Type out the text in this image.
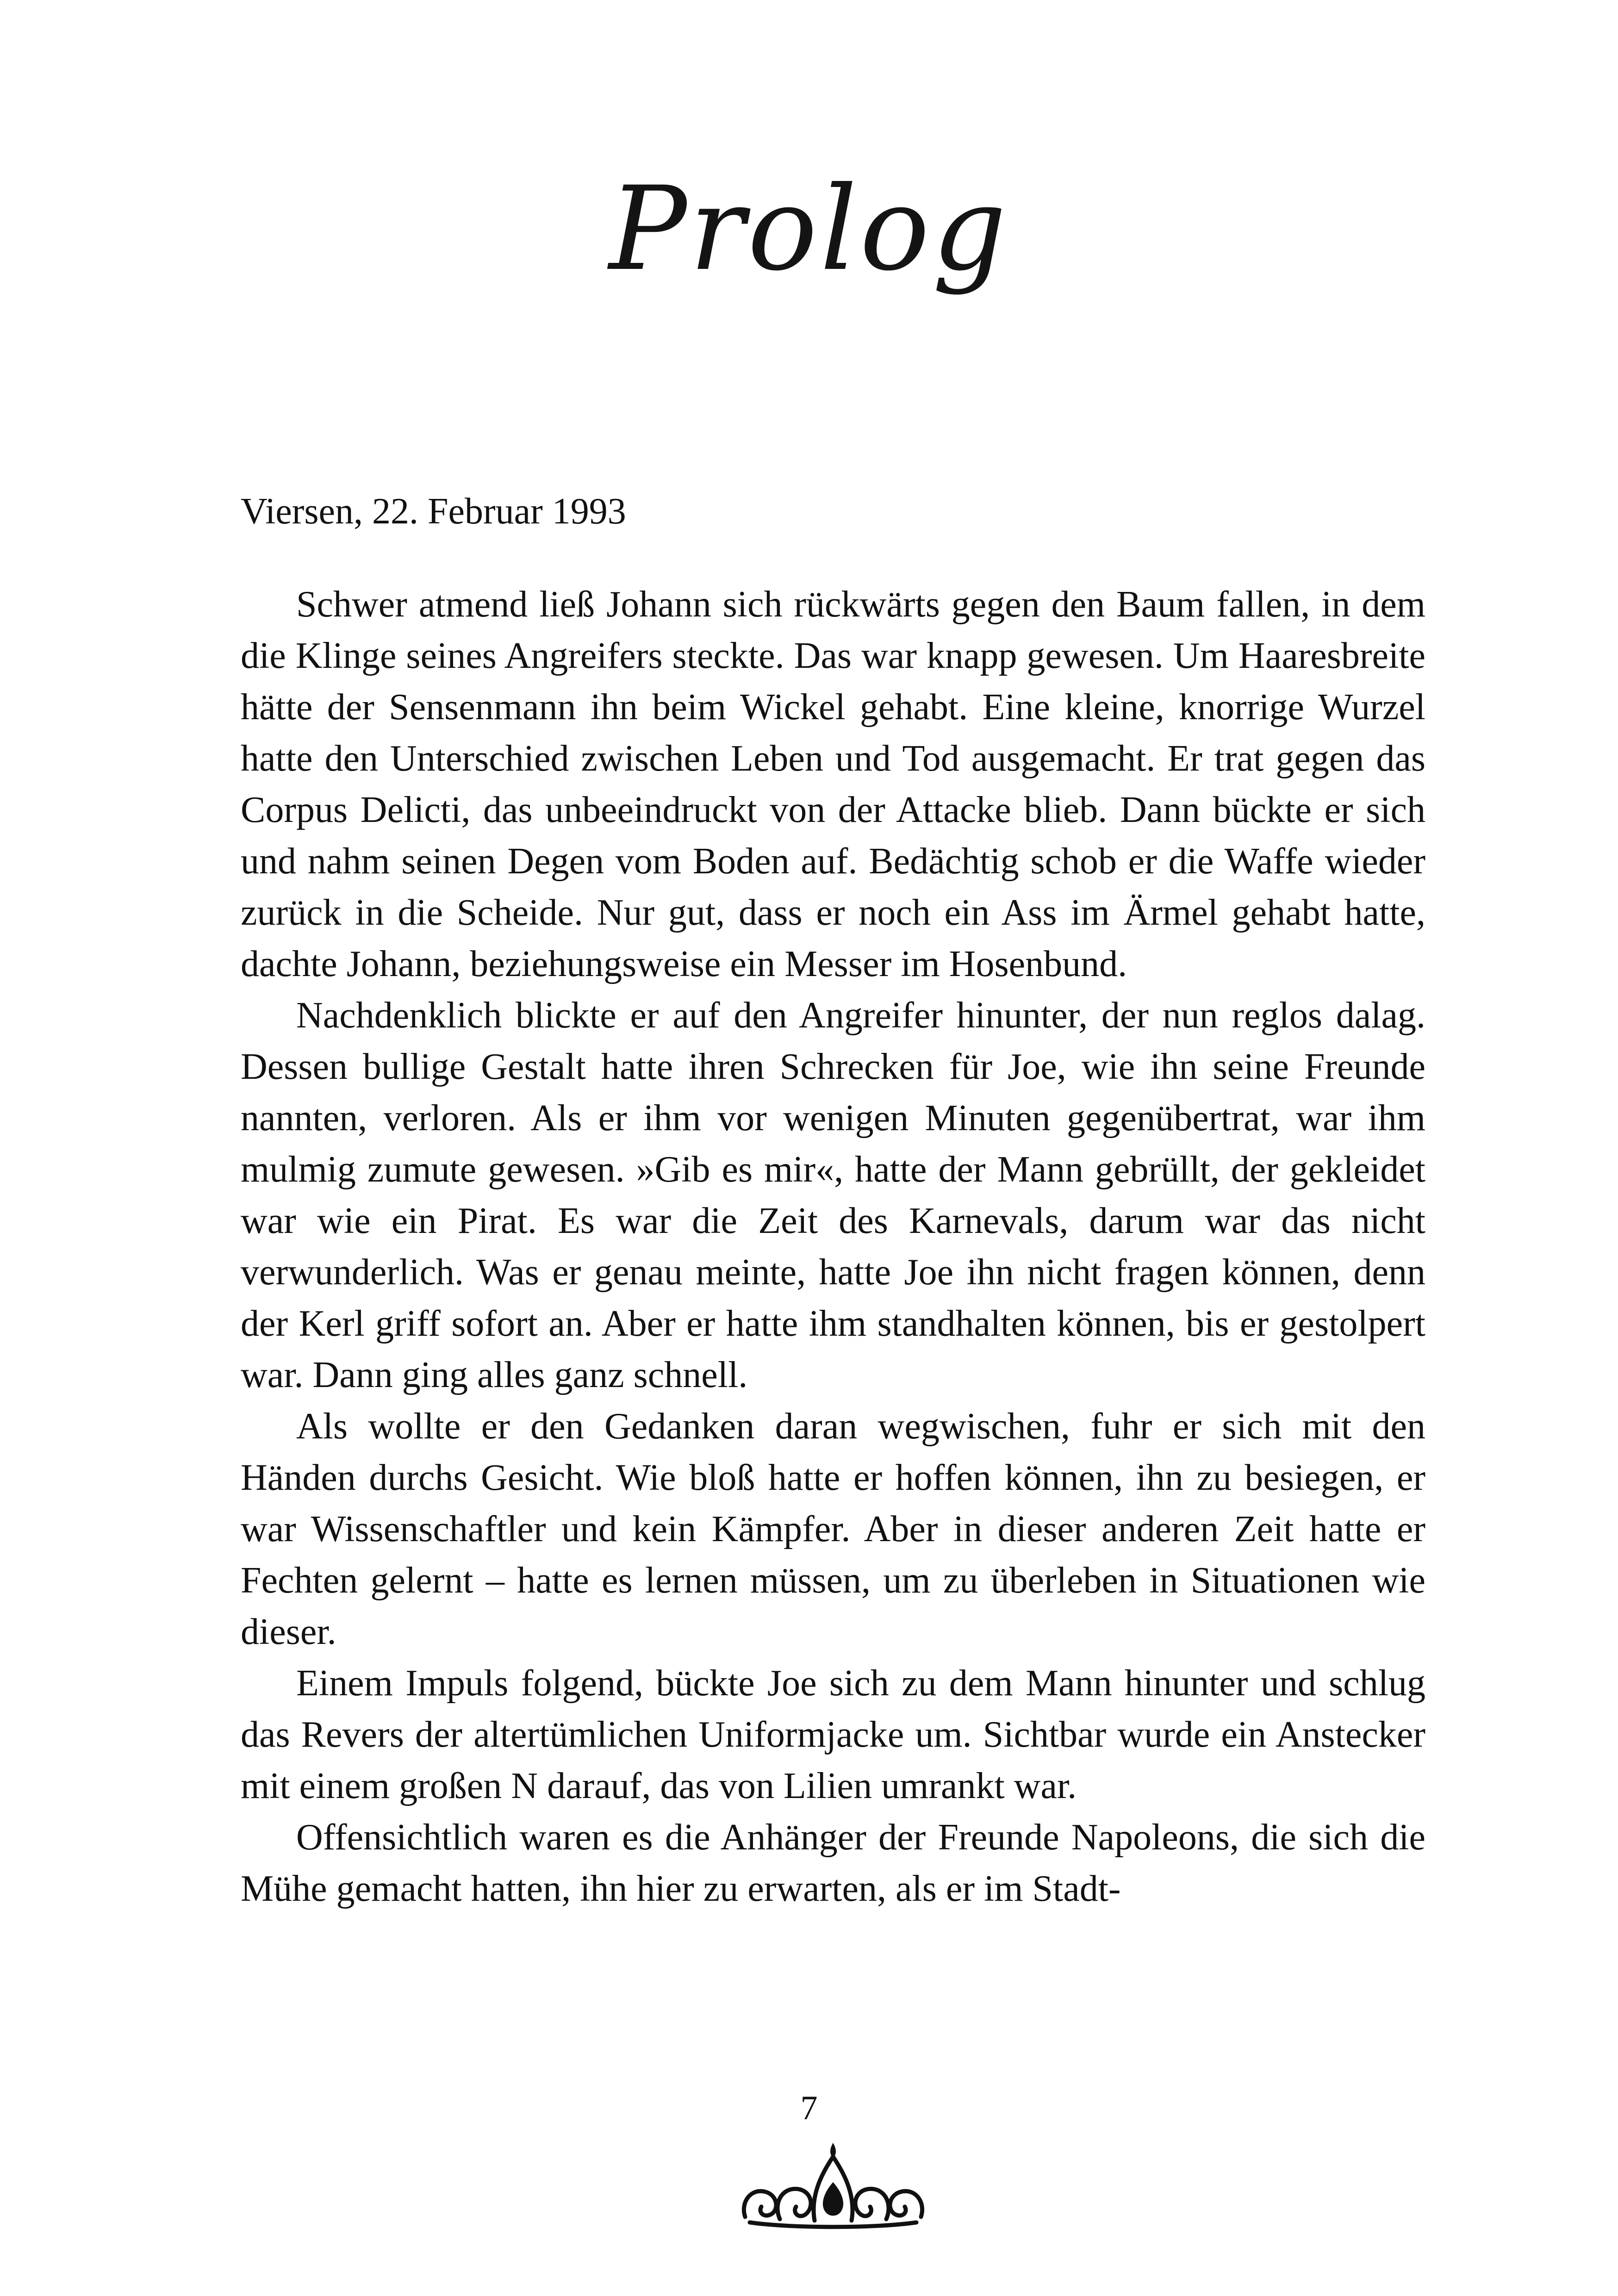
Prolog

Viersen, 22. Februar 1993

Schwer atmend ließ Johann sich rückwärts gegen den Baum fallen, in dem die Klinge seines Angreifers steckte. Das war knapp gewesen. Um Haaresbreite hätte der Sensenmann ihn beim Wickel gehabt. Eine kleine, knorrige Wurzel hatte den Unterschied zwischen Leben und Tod ausgemacht. Er trat gegen das Corpus Delicti, das unbeeindruckt von der Attacke blieb. Dann bückte er sich und nahm seinen Degen vom Boden auf. Bedächtig schob er die Waffe wieder zurück in die Scheide. Nur gut, dass er noch ein Ass im Ärmel gehabt hatte, dachte Johann, beziehungsweise ein Messer im Hosenbund.

Nachdenklich blickte er auf den Angreifer hinunter, der nun reglos dalag. Dessen bullige Gestalt hatte ihren Schrecken für Joe, wie ihn seine Freunde nannten, verloren. Als er ihm vor wenigen Minuten gegenübertrat, war ihm mulmig zumute gewesen. »Gib es mir«, hatte der Mann gebrüllt, der gekleidet war wie ein Pirat. Es war die Zeit des Karnevals, darum war das nicht verwunderlich. Was er genau meinte, hatte Joe ihn nicht fragen können, denn der Kerl griff sofort an. Aber er hatte ihm standhalten können, bis er gestolpert war. Dann ging alles ganz schnell.

Als wollte er den Gedanken daran wegwischen, fuhr er sich mit den Händen durchs Gesicht. Wie bloß hatte er hoffen können, ihn zu besiegen, er war Wissenschaftler und kein Kämpfer. Aber in dieser anderen Zeit hatte er Fechten gelernt – hatte es lernen müssen, um zu überleben in Situationen wie dieser.

Einem Impuls folgend, bückte Joe sich zu dem Mann hinunter und schlug das Revers der altertümlichen Uniformjacke um. Sichtbar wurde ein Anstecker mit einem großen N darauf, das von Lilien umrankt war.

Offensichtlich waren es die Anhänger der Freunde Napoleons, die sich die Mühe gemacht hatten, ihn hier zu erwarten, als er im Stadt-

7
